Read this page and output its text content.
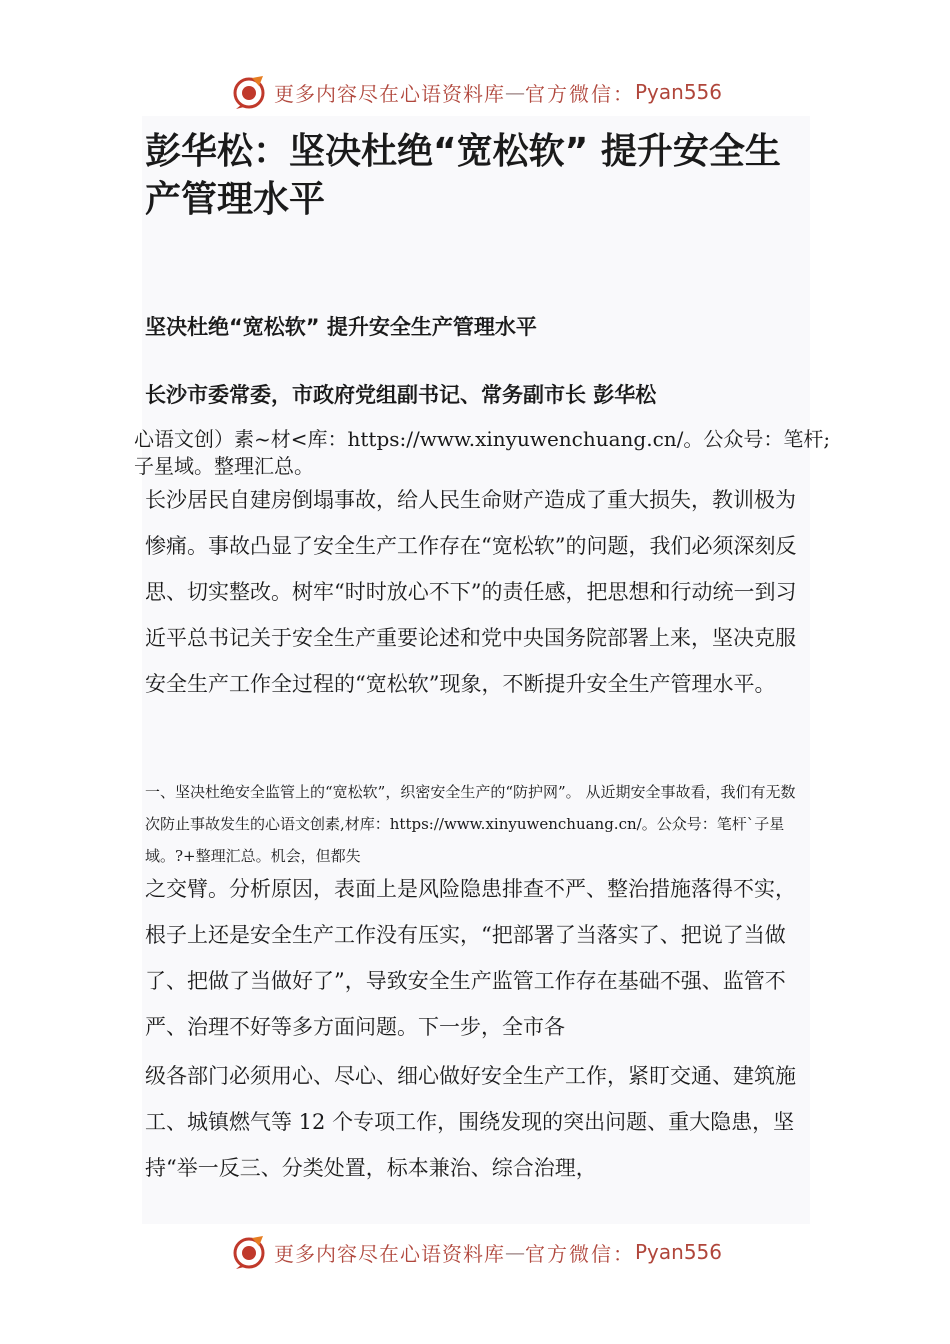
更多内容尽在心语资料库 — 官方微信： Pyan556
彭华松：坚决杜绝“宽松软” 提升安全生产管理水平

坚决杜绝“宽松软” 提升安全生产管理水平

长沙市委常委，市政府党组副书记、常务副市长 彭华松

心语文创）素~材<库：https://www.xinyuwenchuang.cn/。公众号：笔杆;子星域。整理汇总。

长沙居民自建房倒塌事故，给人民生命财产造成了重大损失，教训极为惨痛。事故凸显了安全生产工作存在“宽松软”的问题，我们必须深刻反思、切实整改。树牢“时时放心不下”的责任感，把思想和行动统一到习近平总书记关于安全生产重要论述和党中央国务院部署上来，坚决克服安全生产工作全过程的“宽松软”现象，不断提升安全生产管理水平。

一、坚决杜绝安全监管上的“宽松软”，织密安全生产的“防护网”。 从近期安全事故看，我们有无数次防止事故发生的心语文创素,材库：https://www.xinyuwenchuang.cn/。公众号：笔杆`子星域。?+整理汇总。机会，但都失

之交臂。分析原因，表面上是风险隐患排查不严、整治措施落得不实，根子上还是安全生产工作没有压实，“把部署了当落实了、把说了当做了、把做了当做好了”，导致安全生产监管工作存在基础不强、监管不严、治理不好等多方面问题。下一步，全市各

级各部门必须用心、尽心、细心做好安全生产工作，紧盯交通、建筑施工、城镇燃气等 12 个专项工作，围绕发现的突出问题、重大隐患，坚持“举一反三、分类处置，标本兼治、综合治理，

更多内容尽在心语资料库 — 官方微信： Pyan556
